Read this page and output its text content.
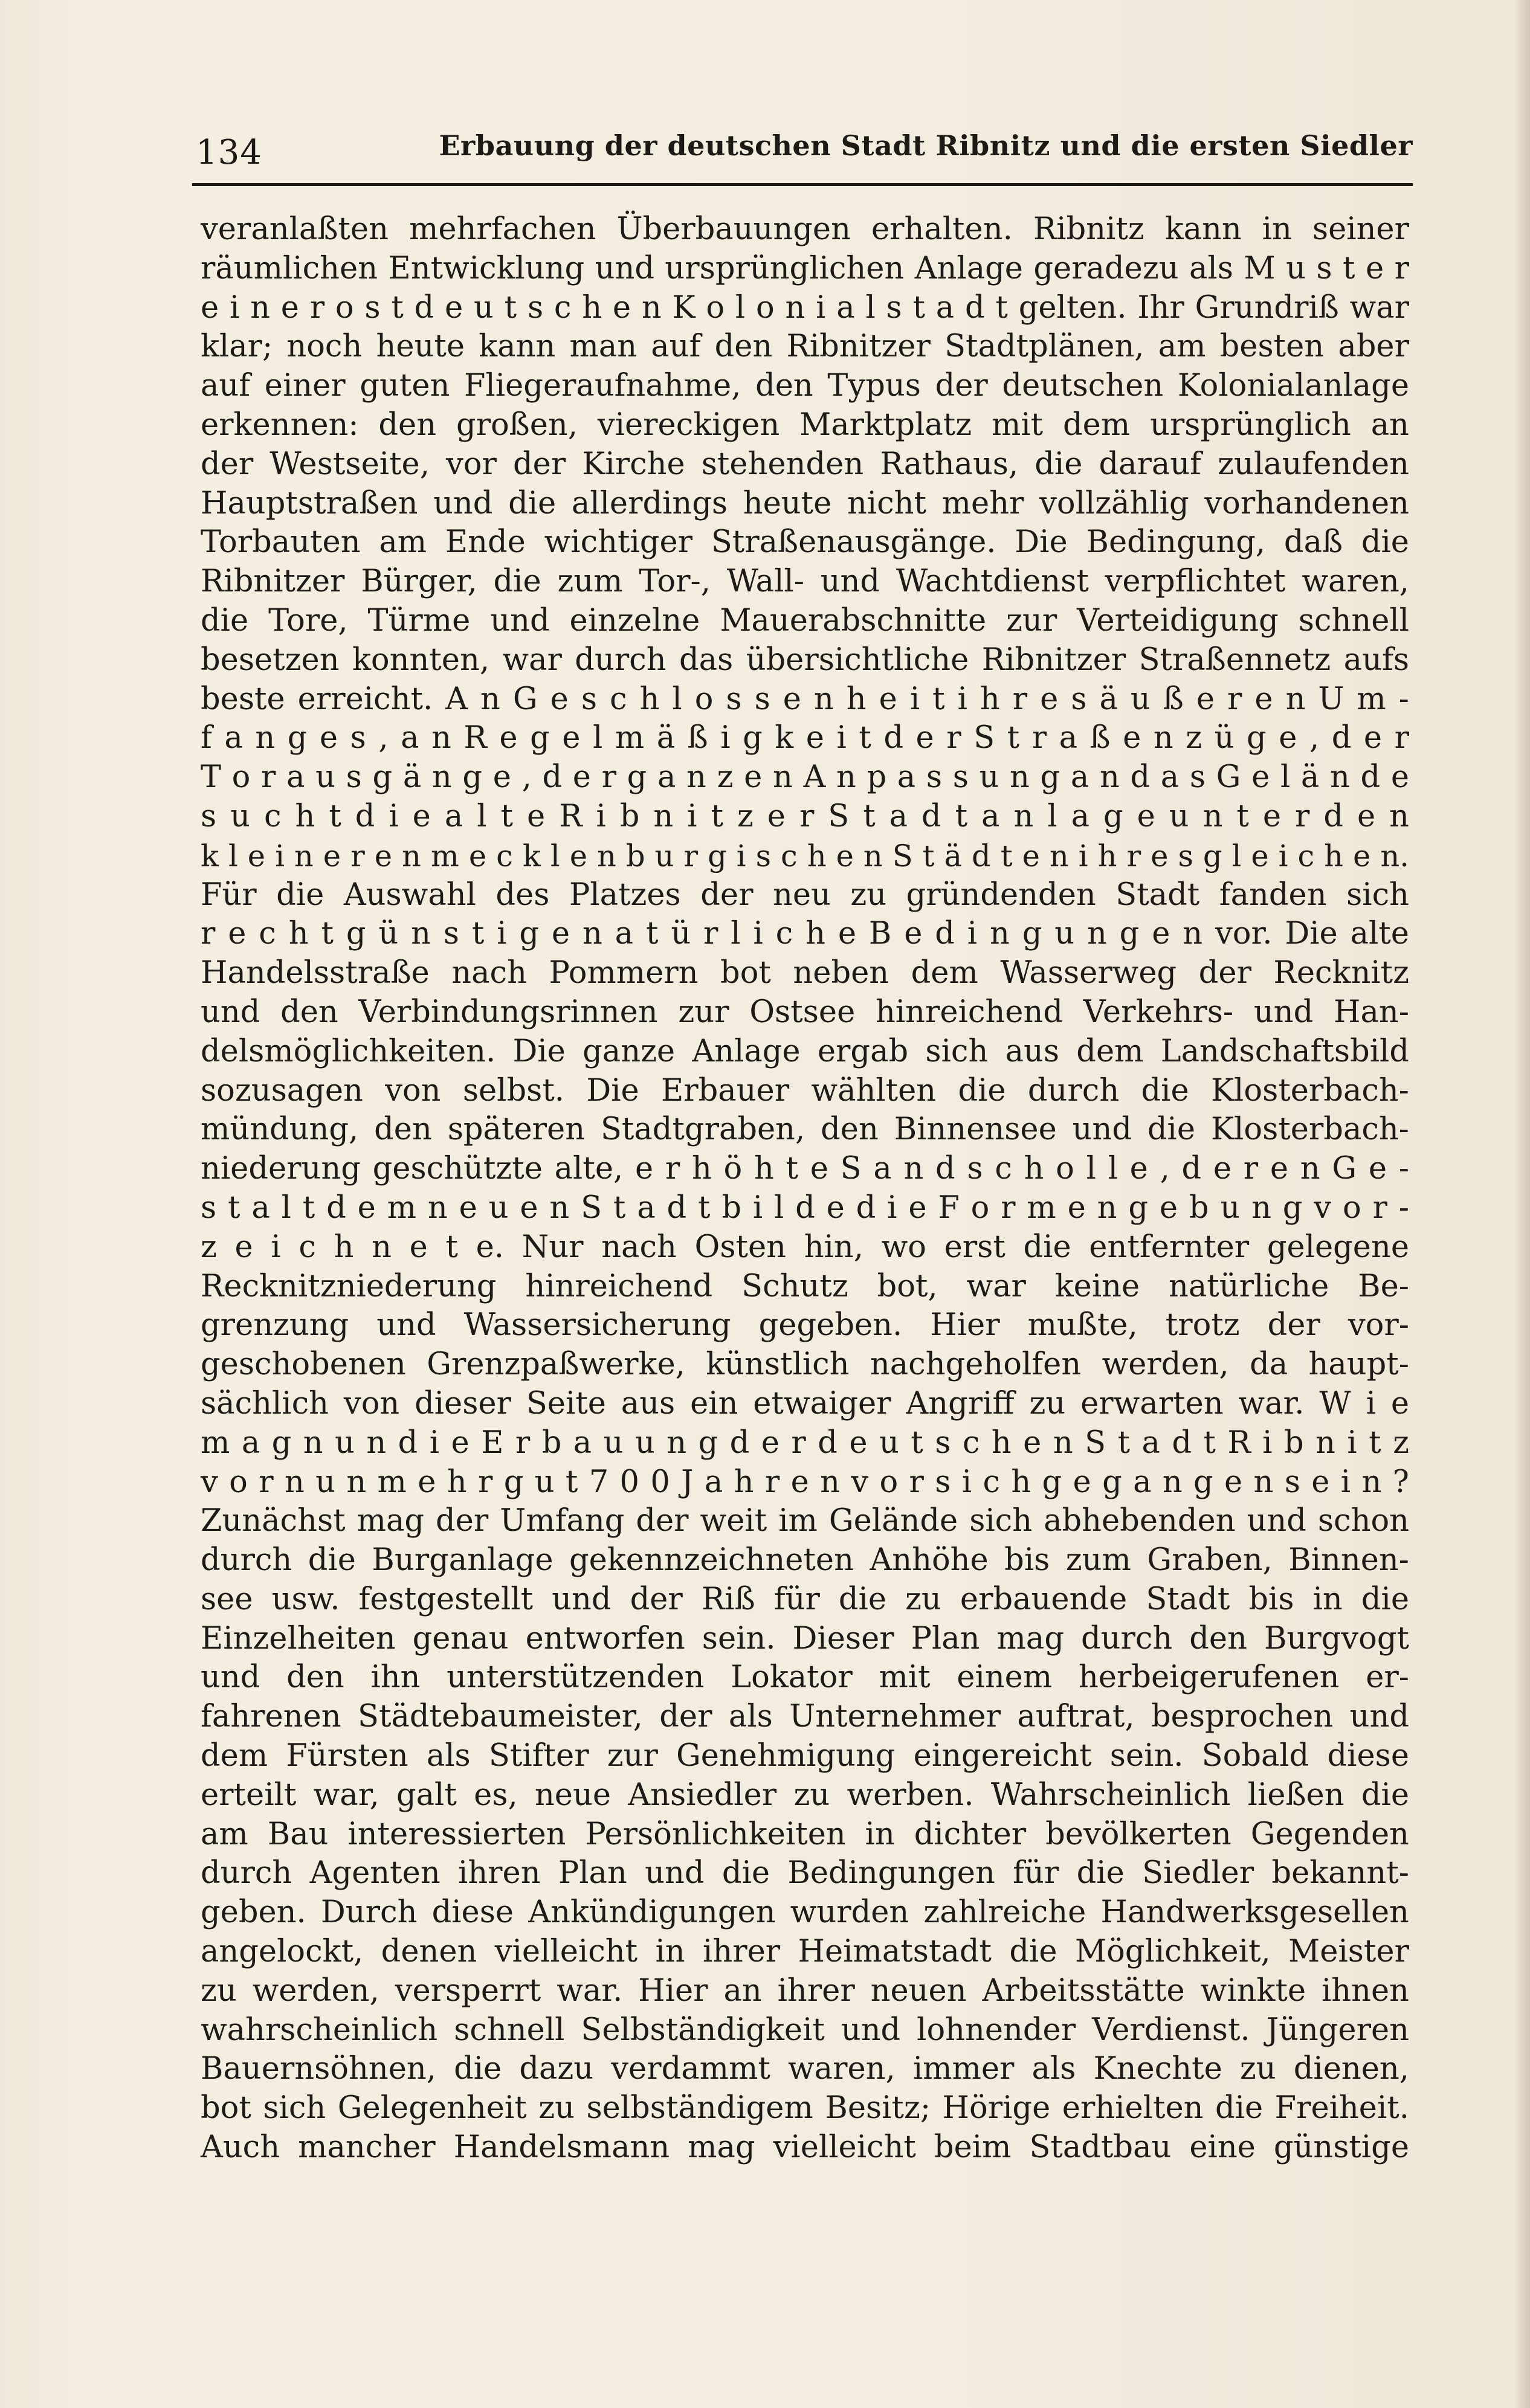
134	Erbauung der deutschen Stadt Ribnitz und die ersten Siedler
veranlaßten mehrfachen Überbauungen erhalten. Ribnitz kann in seiner
räumlichen Entwicklung und ursprünglichen Anlage geradezu als M u s t e r
e i n e r o s t d e u t s c h e n K o l o n i a l s t a d t gelten. Ihr Grundriß war
klar; noch heute kann man auf den Ribnitzer Stadtplänen, am besten aber
auf einer guten Fliegeraufnahme, den Typus der deutschen Kolonialanlage
erkennen: den großen, viereckigen Marktplatz mit dem ursprünglich an
der Westseite, vor der Kirche stehenden Rathaus, die darauf zulaufenden
Hauptstraßen und die allerdings heute nicht mehr vollzählig vorhandenen
Torbauten am Ende wichtiger Straßenausgänge. Die Bedingung, daß die
Ribnitzer Bürger, die zum Tor-, Wall- und Wachtdienst verpflichtet waren,
die Tore, Türme und einzelne Mauerabschnitte zur Verteidigung schnell
besetzen konnten, war durch das übersichtliche Ribnitzer Straßennetz aufs
beste erreicht. A n G e s c h l o s s e n h e i t i h r e s ä u ß e r e n U m -
f a n g e s , a n R e g e l m ä ß i g k e i t d e r S t r a ß e n z ü g e , d e r
T o r a u s g ä n g e , d e r g a n z e n A n p a s s u n g a n d a s G e l ä n d e
s u c h t d i e a l t e R i b n i t z e r S t a d t a n l a g e u n t e r d e n
k l e i n e r e n m e c k l e n b u r g i s c h e n S t ä d t e n i h r e s g l e i c h e n.
Für die Auswahl des Platzes der neu zu gründenden Stadt fanden sich
r e c h t g ü n s t i g e n a t ü r l i c h e B e d i n g u n g e n vor. Die alte
Handelsstraße nach Pommern bot neben dem Wasserweg der Recknitz
und den Verbindungsrinnen zur Ostsee hinreichend Verkehrs- und Han-
delsmöglichkeiten. Die ganze Anlage ergab sich aus dem Landschaftsbild
sozusagen von selbst. Die Erbauer wählten die durch die Klosterbach-
mündung, den späteren Stadtgraben, den Binnensee und die Klosterbach-
niederung geschützte alte, e r h ö h t e S a n d s c h o l l e , d e r e n G e -
s t a l t d e m n e u e n S t a d t b i l d e d i e F o r m e n g e b u n g v o r -
z e i c h n e t e. Nur nach Osten hin, wo erst die entfernter gelegene
Recknitzniederung hinreichend Schutz bot, war keine natürliche Be-
grenzung und Wassersicherung gegeben. Hier mußte, trotz der vor-
geschobenen Grenzpaßwerke, künstlich nachgeholfen werden, da haupt-
sächlich von dieser Seite aus ein etwaiger Angriff zu erwarten war. W i e
m a g n u n d i e E r b a u u n g d e r d e u t s c h e n S t a d t R i b n i t z
v o r n u n m e h r g u t 7 0 0 J a h r e n v o r s i c h g e g a n g e n s e i n ?
Zunächst mag der Umfang der weit im Gelände sich abhebenden und schon
durch die Burganlage gekennzeichneten Anhöhe bis zum Graben, Binnen-
see usw. festgestellt und der Riß für die zu erbauende Stadt bis in die
Einzelheiten genau entworfen sein. Dieser Plan mag durch den Burgvogt
und den ihn unterstützenden Lokator mit einem herbeigerufenen er-
fahrenen Städtebaumeister, der als Unternehmer auftrat, besprochen und
dem Fürsten als Stifter zur Genehmigung eingereicht sein. Sobald diese
erteilt war, galt es, neue Ansiedler zu werben. Wahrscheinlich ließen die
am Bau interessierten Persönlichkeiten in dichter bevölkerten Gegenden
durch Agenten ihren Plan und die Bedingungen für die Siedler bekannt-
geben. Durch diese Ankündigungen wurden zahlreiche Handwerksgesellen
angelockt, denen vielleicht in ihrer Heimatstadt die Möglichkeit, Meister
zu werden, versperrt war. Hier an ihrer neuen Arbeitsstätte winkte ihnen
wahrscheinlich schnell Selbständigkeit und lohnender Verdienst. Jüngeren
Bauernsöhnen, die dazu verdammt waren, immer als Knechte zu dienen,
bot sich Gelegenheit zu selbständigem Besitz; Hörige erhielten die Freiheit.
Auch mancher Handelsmann mag vielleicht beim Stadtbau eine günstige
